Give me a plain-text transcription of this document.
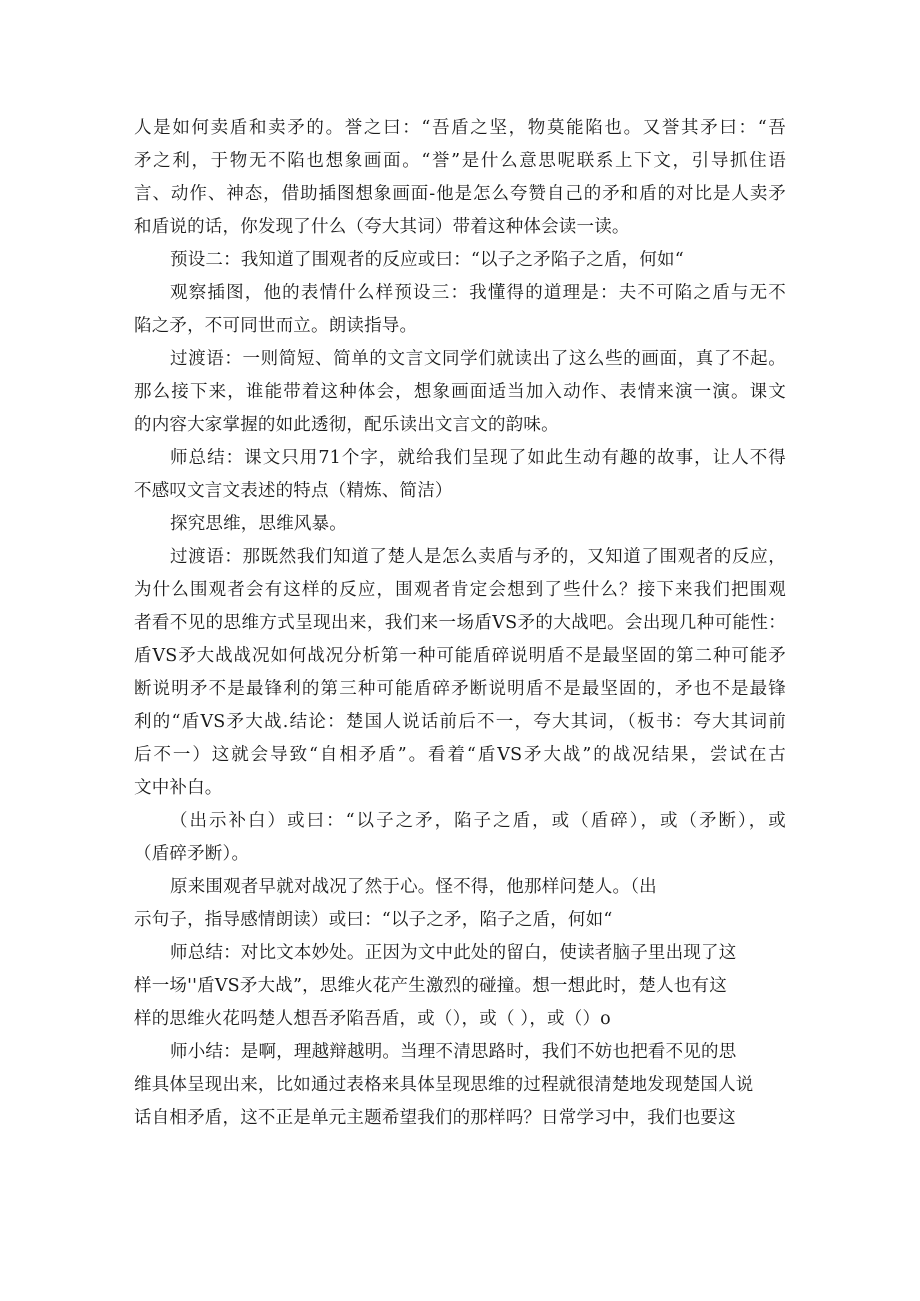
人是如何卖盾和卖矛的。誉之曰：“吾盾之坚，物莫能陷也。又誉其矛曰：“吾
矛之利，于物无不陷也想象画面。“誉”是什么意思呢联系上下文，引导抓住语
言、动作、神态，借助插图想象画面-他是怎么夸赞自己的矛和盾的对比是人卖矛
和盾说的话，你发现了什么（夸大其词）带着这种体会读一读。
预设二：我知道了围观者的反应或曰：“以子之矛陷子之盾，何如“
观察插图，他的表情什么样预设三：我懂得的道理是：夫不可陷之盾与无不
陷之矛，不可同世而立。朗读指导。
过渡语：一则简短、简单的文言文同学们就读出了这么些的画面，真了不起。
那么接下来，谁能带着这种体会，想象画面适当加入动作、表情来演一演。课文
的内容大家掌握的如此透彻，配乐读出文言文的韵味。
师总结：课文只用71个字，就给我们呈现了如此生动有趣的故事，让人不得
不感叹文言文表述的特点（精炼、简洁）
探究思维，思维风暴。
过渡语：那既然我们知道了楚人是怎么卖盾与矛的，又知道了围观者的反应，
为什么围观者会有这样的反应，围观者肯定会想到了些什么？接下来我们把围观
者看不见的思维方式呈现出来，我们来一场盾VS矛的大战吧。会出现几种可能性：
盾VS矛大战战况如何战况分析第一种可能盾碎说明盾不是最坚固的第二种可能矛
断说明矛不是最锋利的第三种可能盾碎矛断说明盾不是最坚固的，矛也不是最锋
利的“盾VS矛大战.结论：楚国人说话前后不一，夸大其词，（板书：夸大其词前
后不一）这就会导致“自相矛盾”。看着“盾VS矛大战”的战况结果，尝试在古
文中补白。
（出示补白）或曰：“以子之矛，陷子之盾，或（盾碎），或（矛断），或
（盾碎矛断）。
原来围观者早就对战况了然于心。怪不得，他那样问楚人。（出
示句子，指导感情朗读）或曰：“以子之矛，陷子之盾，何如“
师总结：对比文本妙处。正因为文中此处的留白，使读者脑子里出现了这
样一场''盾VS矛大战”，思维火花产生激烈的碰撞。想一想此时，楚人也有这
样的思维火花吗楚人想吾矛陷吾盾，或（），或（ ），或（）o
师小结：是啊，理越辩越明。当理不清思路时，我们不妨也把看不见的思
维具体呈现出来，比如通过表格来具体呈现思维的过程就很清楚地发现楚国人说
话自相矛盾，这不正是单元主题希望我们的那样吗？日常学习中，我们也要这
